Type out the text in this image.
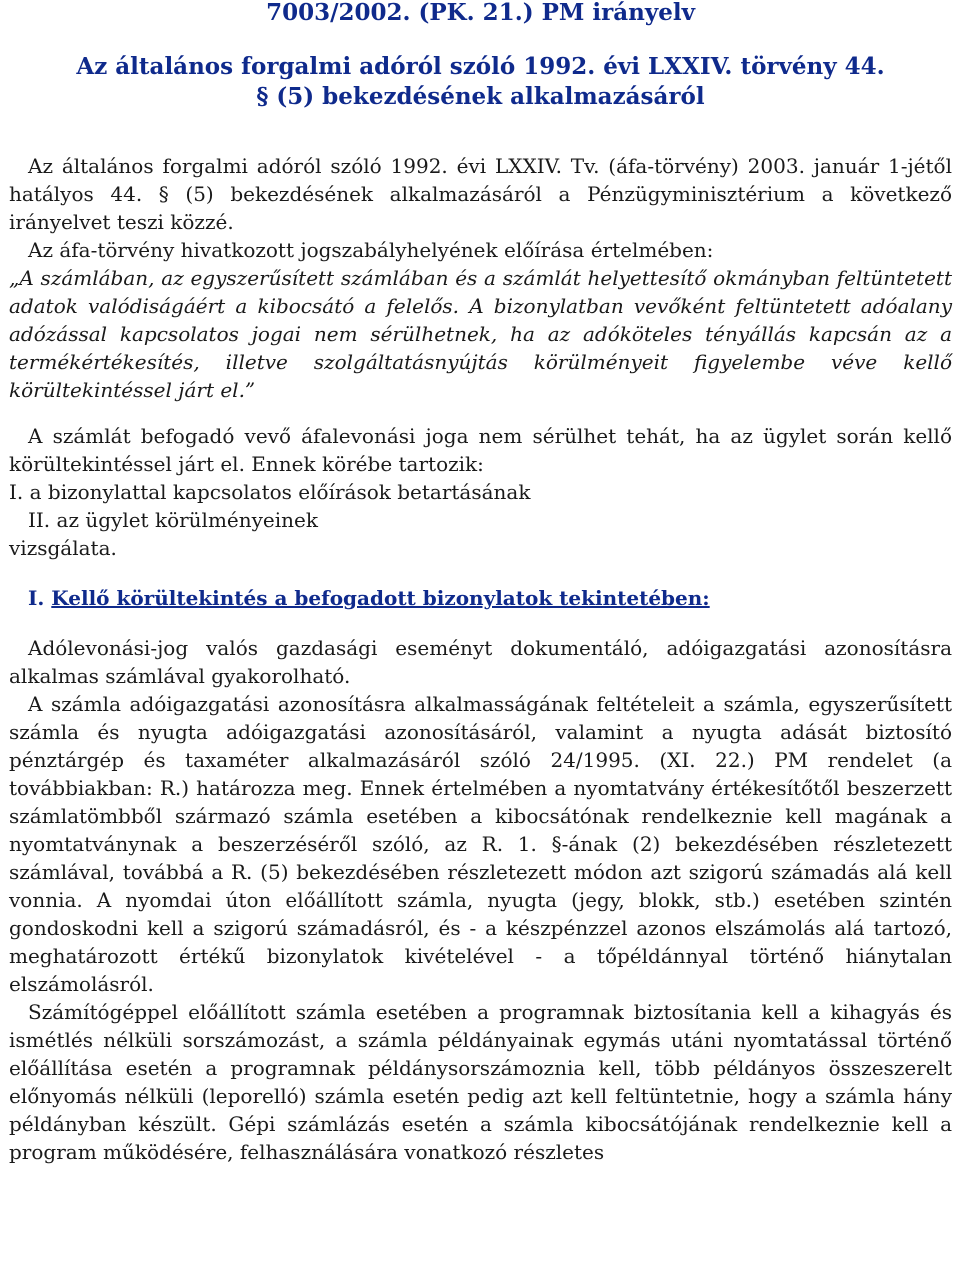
7003/2002. (PK. 21.) PM irányelv
Az általános forgalmi adóról szóló 1992. évi LXXIV. törvény 44.
§ (5) bekezdésének alkalmazásáról

Az általános forgalmi adóról szóló 1992. évi LXXIV. Tv. (áfa-törvény) 2003. január 1-jétől hatályos 44. § (5) bekezdésének alkalmazásáról a Pénzügyminisztérium a következő irányelvet teszi közzé.

Az áfa-törvény hivatkozott jogszabályhelyének előírása értelmében:

„A számlában, az egyszerűsített számlában és a számlát helyettesítő okmányban feltüntetett adatok valódiságáért a kibocsátó a felelős. A bizonylatban vevőként feltüntetett adóalany adózással kapcsolatos jogai nem sérülhetnek, ha az adóköteles tényállás kapcsán az a termékértékesítés, illetve szolgáltatásnyújtás körülményeit figyelembe véve kellő körültekintéssel járt el.”

A számlát befogadó vevő áfalevonási joga nem sérülhet tehát, ha az ügylet során kellő körültekintéssel járt el. Ennek körébe tartozik:

I. a bizonylattal kapcsolatos előírások betartásának

II. az ügylet körülményeinek

vizsgálata.

I. Kellő körültekintés a befogadott bizonylatok tekintetében:

Adólevonási-jog valós gazdasági eseményt dokumentáló, adóigazgatási azonosításra alkalmas számlával gyakorolható.

A számla adóigazgatási azonosításra alkalmasságának feltételeit a számla, egyszerűsített számla és nyugta adóigazgatási azonosításáról, valamint a nyugta adását biztosító pénztárgép és taxaméter alkalmazásáról szóló 24/1995. (XI. 22.) PM rendelet (a továbbiakban: R.) határozza meg. Ennek értelmében a nyomtatvány értékesítőtől beszerzett számlatömbből származó számla esetében a kibocsátónak rendelkeznie kell magának a nyomtatványnak a beszerzéséről szóló, az R. 1. §-ának (2) bekezdésében részletezett számlával, továbbá a R. (5) bekezdésében részletezett módon azt szigorú számadás alá kell vonnia. A nyomdai úton előállított számla, nyugta (jegy, blokk, stb.) esetében szintén gondoskodni kell a szigorú számadásról, és - a készpénzzel azonos elszámolás alá tartozó, meghatározott értékű bizonylatok kivételével - a tőpéldánnyal történő hiánytalan elszámolásról.

Számítógéppel előállított számla esetében a programnak biztosítania kell a kihagyás és ismétlés nélküli sorszámozást, a számla példányainak egymás utáni nyomtatással történő előállítása esetén a programnak példánysorszámoznia kell, több példányos összeszerelt előnyomás nélküli (leporelló) számla esetén pedig azt kell feltüntetnie, hogy a számla hány példányban készült. Gépi számlázás esetén a számla kibocsátójának rendelkeznie kell a program működésére, felhasználására vonatkozó részletes
